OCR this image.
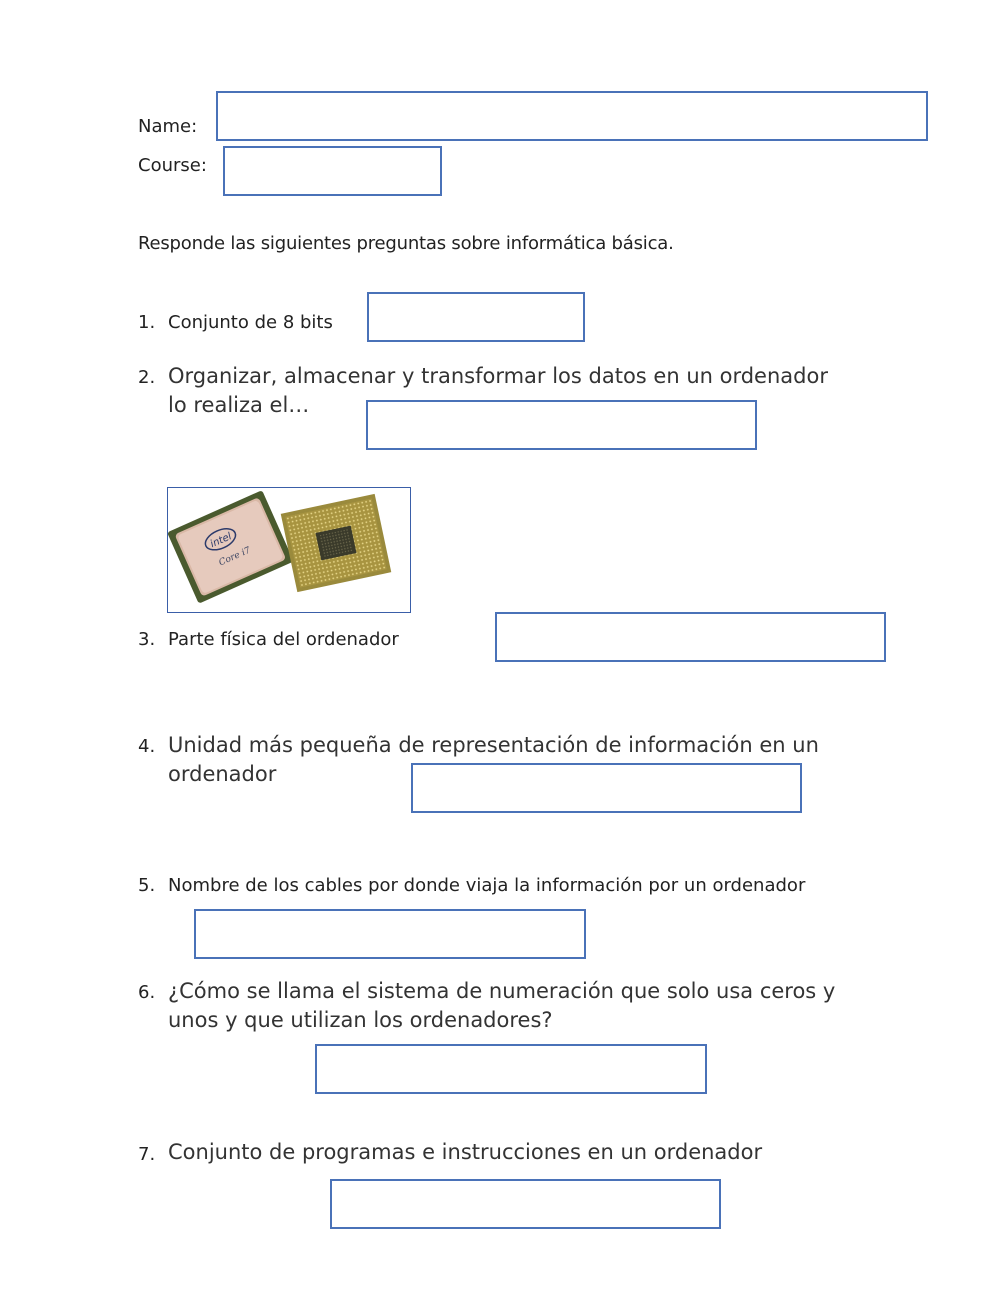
Name:
Course:
Responde las siguientes preguntas sobre informática básica.
1. Conjunto de 8 bits
2. Organizar, almacenar y transformar los datos en un ordenador
lo realiza el…
intel
Core i7
3. Parte física del ordenador
4. Unidad más pequeña de representación de información en un
ordenador
5. Nombre de los cables por donde viaja la información por un ordenador
6. ¿Cómo se llama el sistema de numeración que solo usa ceros y
unos y que utilizan los ordenadores?
7. Conjunto de programas e instrucciones en un ordenador
